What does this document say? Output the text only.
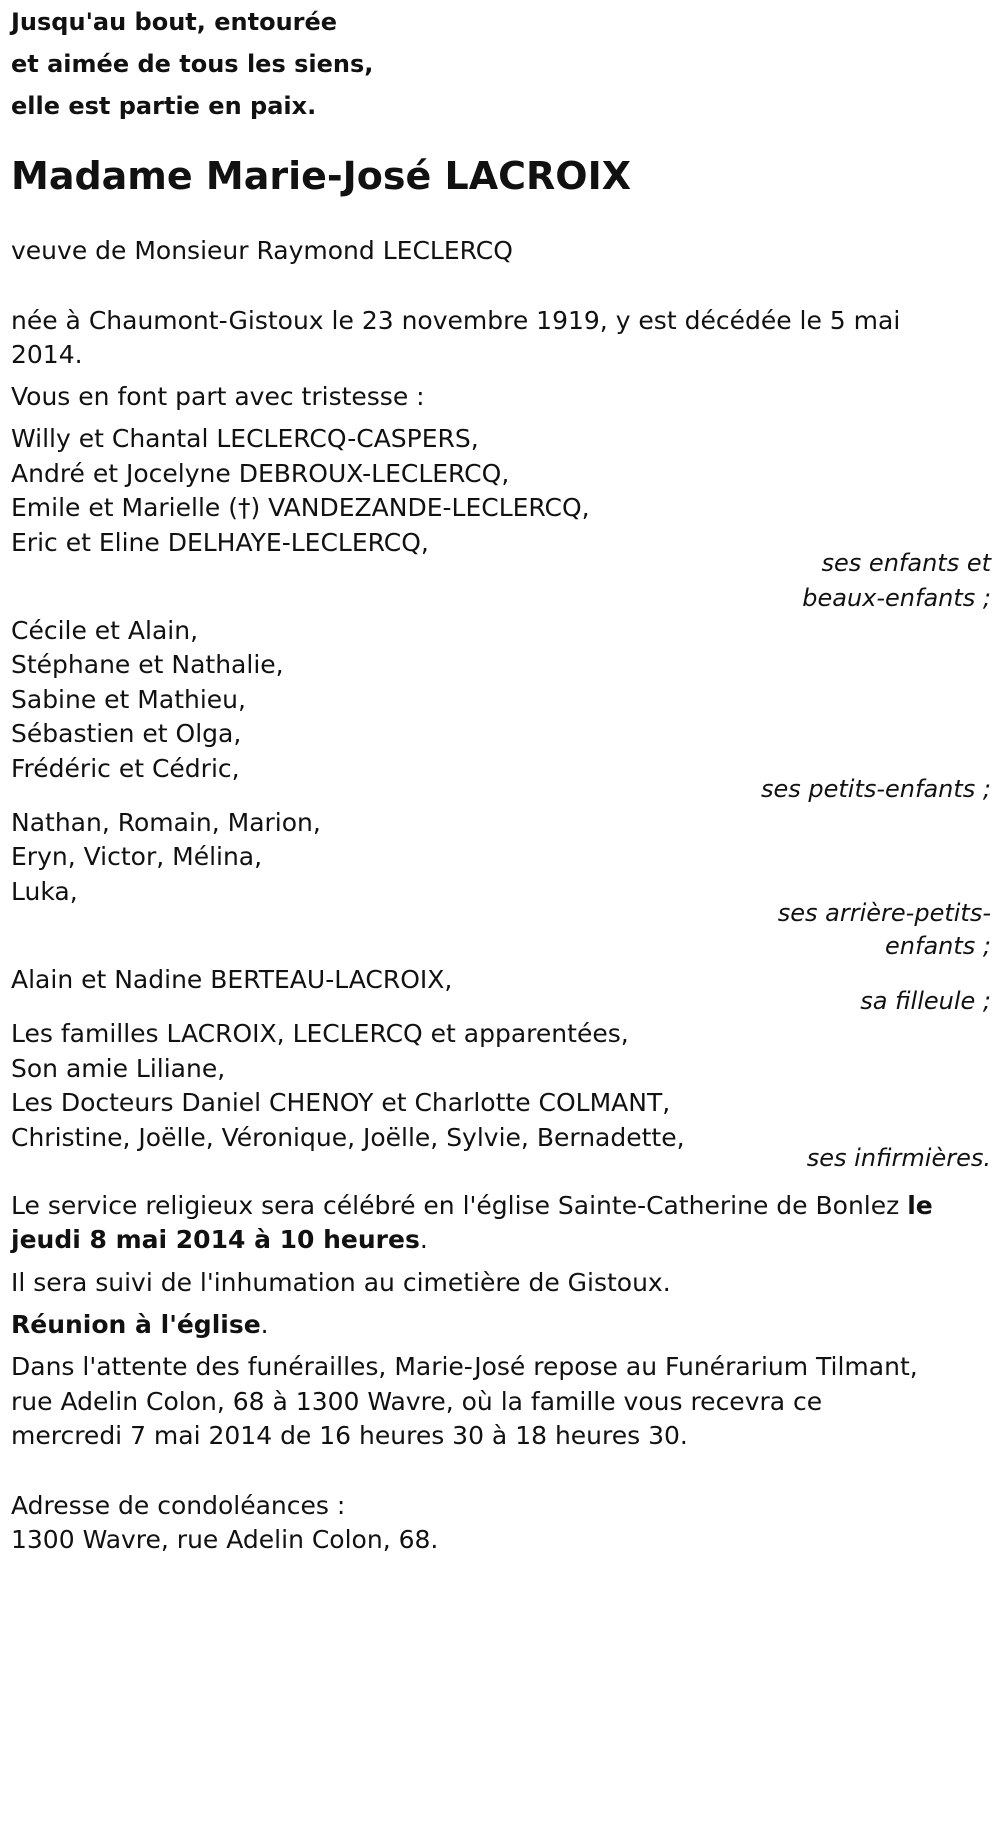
Jusqu'au bout, entourée
et aimée de tous les siens,
elle est partie en paix.
Madame Marie-José LACROIX
veuve de Monsieur Raymond LECLERCQ
née à Chaumont-Gistoux le 23 novembre 1919, y est décédée le 5 mai
2014.
Vous en font part avec tristesse :
Willy et Chantal LECLERCQ-CASPERS,
André et Jocelyne DEBROUX-LECLERCQ,
Emile et Marielle (†) VANDEZANDE-LECLERCQ,
Eric et Eline DELHAYE-LECLERCQ,
ses enfants et
beaux-enfants ;
Cécile et Alain,
Stéphane et Nathalie,
Sabine et Mathieu,
Sébastien et Olga,
Frédéric et Cédric,
ses petits-enfants ;
Nathan, Romain, Marion,
Eryn, Victor, Mélina,
Luka,
ses arrière-petits-
enfants ;
Alain et Nadine BERTEAU-LACROIX,
sa filleule ;
Les familles LACROIX, LECLERCQ et apparentées,
Son amie Liliane,
Les Docteurs Daniel CHENOY et Charlotte COLMANT,
Christine, Joëlle, Véronique, Joëlle, Sylvie, Bernadette,
ses infirmières.
Le service religieux sera célébré en l'église Sainte-Catherine de Bonlez le
jeudi 8 mai 2014 à 10 heures.
Il sera suivi de l'inhumation au cimetière de Gistoux.
Réunion à l'église.
Dans l'attente des funérailles, Marie-José repose au Funérarium Tilmant,
rue Adelin Colon, 68 à 1300 Wavre, où la famille vous recevra ce
mercredi 7 mai 2014 de 16 heures 30 à 18 heures 30.
Adresse de condoléances :
1300 Wavre, rue Adelin Colon, 68.
